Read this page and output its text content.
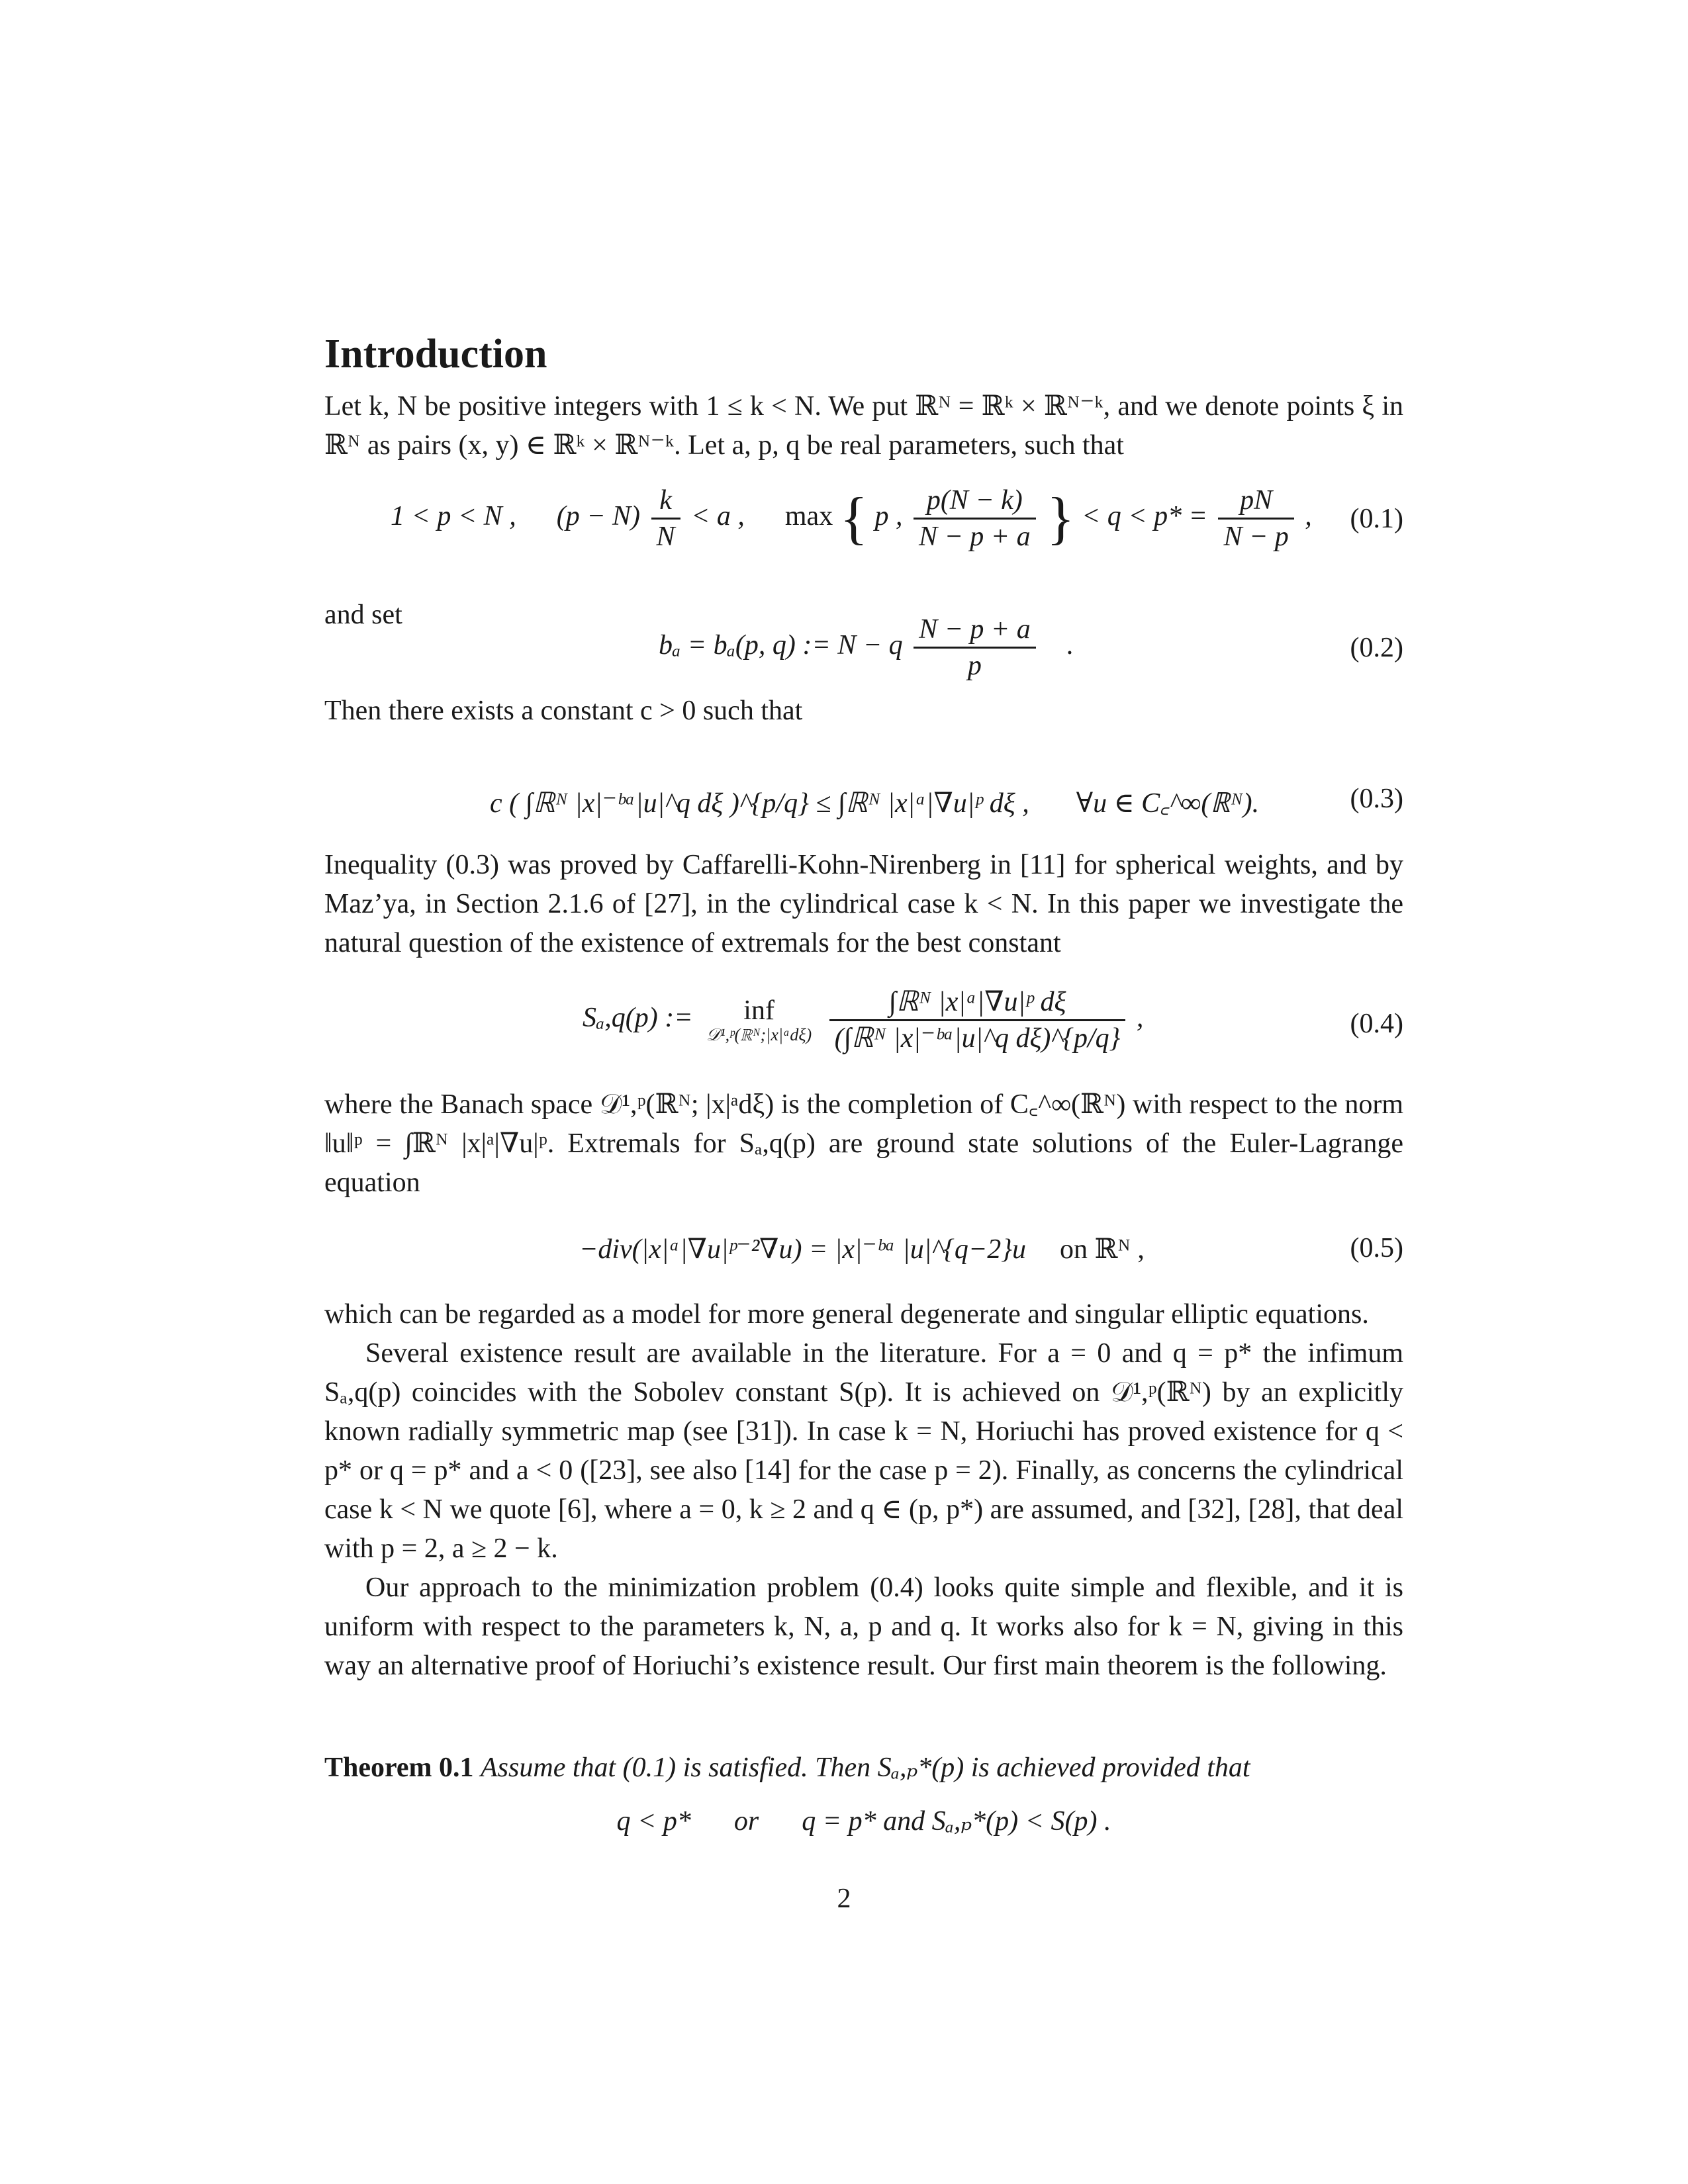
Introduction

Let k, N be positive integers with 1 ≤ k < N. We put ℝᴺ = ℝᵏ × ℝᴺ⁻ᵏ, and we denote points ξ in ℝᴺ as pairs (x, y) ∈ ℝᵏ × ℝᴺ⁻ᵏ. Let a, p, q be real parameters, such that

1 < p < N , $(p - N) \frac{k}{N} < a$ , max { p , $\frac{p(N - k)}{N - p + a}$ } < $q < p* = \frac{pN}{N - p}$ , (0.1)

and set

bₐ = bₐ(p, q) := N − q $\frac{N - p + a}{p}$ .	(0.2)

Then there exists a constant c > 0 such that

c ( ∫ℝᴺ |x|⁻ᵇᵃ|u|^q dξ )^{p/q} ≤ ∫ℝᴺ |x|ᵃ|∇u|ᵖ dξ , ∀u ∈ C꜀^∞(ℝᴺ).	(0.3)

Inequality (0.3) was proved by Caffarelli-Kohn-Nirenberg in [11] for spherical weights, and by Maz’ya, in Section 2.1.6 of [27], in the cylindrical case k < N. In this paper we investigate the natural question of the existence of extremals for the best constant

Sₐ,q(p) :=	inf
𝒟¹,ᵖ(ℝᴺ;|x|ᵃdξ)
$\frac{\text{∫ℝᴺ |x|ᵃ|∇u|ᵖ dξ}}{\text{(∫ℝᴺ |x|⁻ᵇᵃ|u|\textasciicircum{}q dξ)\textasciicircum{}\{p/q\}}}$ ,	(0.4)

where the Banach space 𝒟¹,ᵖ(ℝᴺ; |x|ᵃdξ) is the completion of C꜀^∞(ℝᴺ) with respect to the norm ‖u‖ᵖ = ∫ℝᴺ |x|ᵃ|∇u|ᵖ. Extremals for Sₐ,q(p) are ground state solutions of the Euler-Lagrange equation

−div(|x|ᵃ|∇u|ᵖ⁻²∇u) = |x|⁻ᵇᵃ |u|^{q−2}u on ℝᴺ ,	(0.5)

which can be regarded as a model for more general degenerate and singular elliptic equations.

Several existence result are available in the literature. For a = 0 and q = p* the infimum Sₐ,q(p) coincides with the Sobolev constant S(p). It is achieved on 𝒟¹,ᵖ(ℝᴺ) by an explicitly known radially symmetric map (see [31]). In case k = N, Horiuchi has proved existence for q < p* or q = p* and a < 0 ([23], see also [14] for the case p = 2). Finally, as concerns the cylindrical case k < N we quote [6], where a = 0, k ≥ 2 and q ∈ (p, p*) are assumed, and [32], [28], that deal with p = 2, a ≥ 2 − k.

Our approach to the minimization problem (0.4) looks quite simple and flexible, and it is uniform with respect to the parameters k, N, a, p and q. It works also for k = N, giving in this way an alternative proof of Horiuchi’s existence result. Our first main theorem is the following.

Theorem 0.1 Assume that (0.1) is satisfied. Then Sₐ,ₚ*(p) is achieved provided that

q < p* or q = p* and Sₐ,ₚ*(p) < S(p) .
2
